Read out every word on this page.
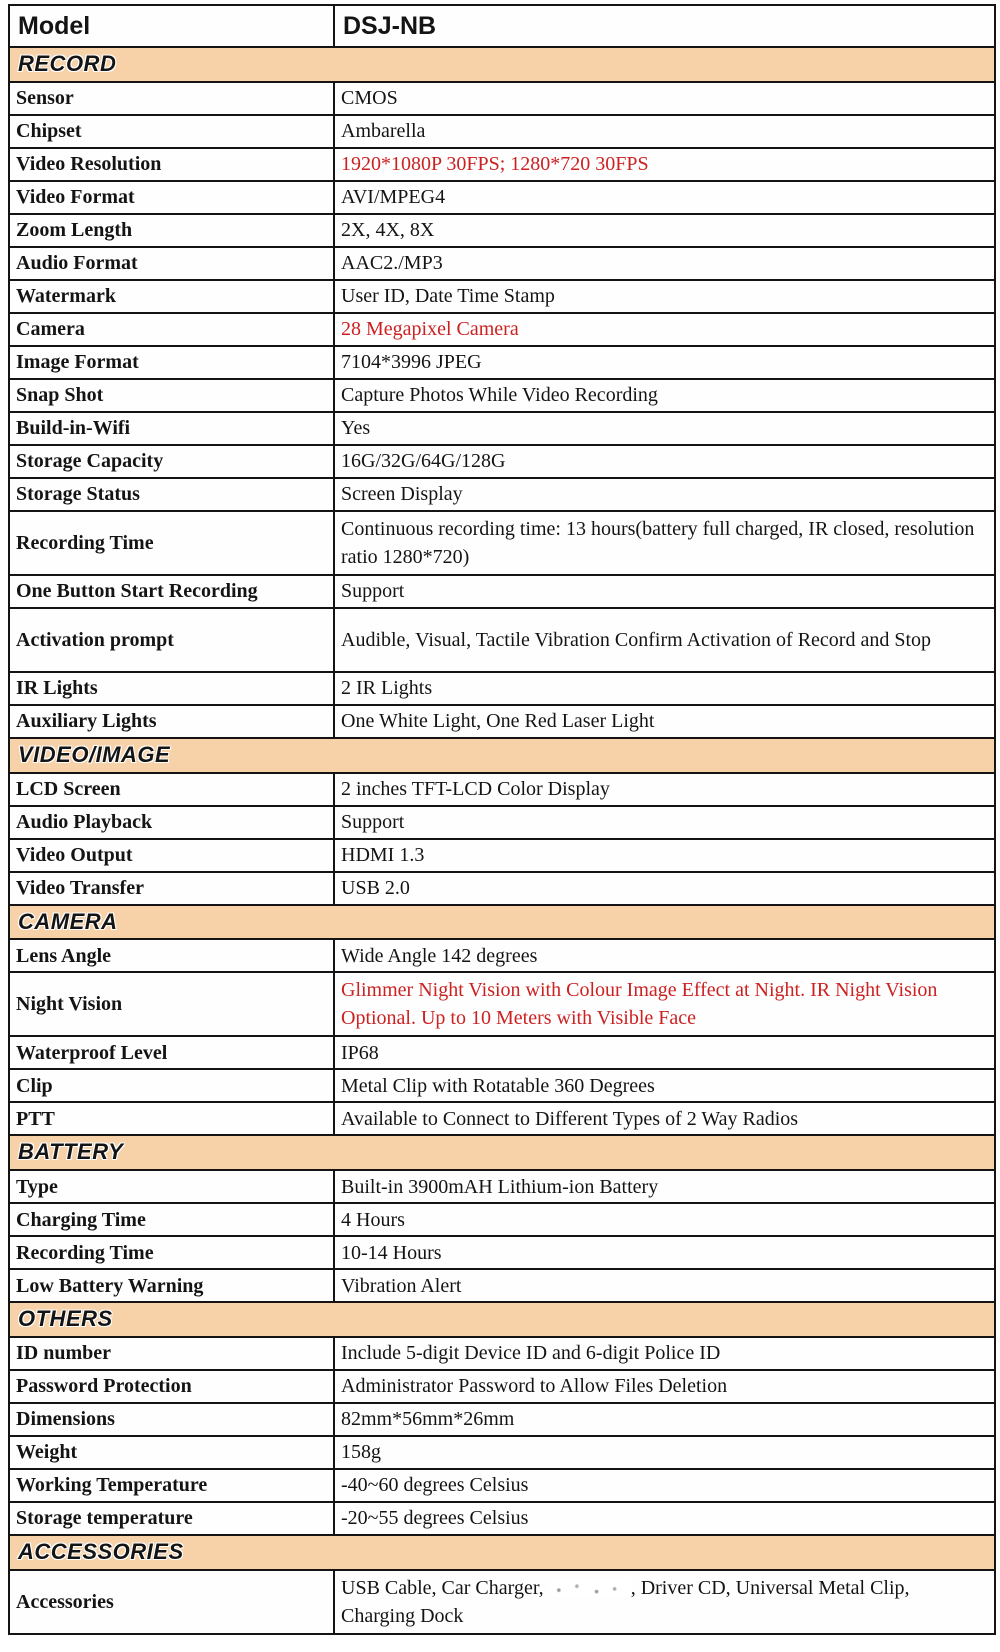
Model	DSJ-NB
RECORD	
Sensor	CMOS
Chipset	Ambarella
Video Resolution	1920*1080P 30FPS; 1280*720 30FPS
Video Format	AVI/MPEG4
Zoom Length	2X, 4X, 8X
Audio Format	AAC2./MP3
Watermark	User ID, Date Time Stamp
Camera	28 Megapixel Camera
Image Format	7104*3996 JPEG
Snap Shot	Capture Photos While Video Recording
Build-in-Wifi	Yes
Storage Capacity	16G/32G/64G/128G
Storage Status	Screen Display
Recording Time	Continuous recording time: 13 hours(battery full charged, IR closed, resolution ratio 1280*720)
One Button Start Recording	Support
Activation prompt	Audible, Visual, Tactile Vibration Confirm Activation of Record and Stop
IR Lights	2 IR Lights
Auxiliary Lights	One White Light, One Red Laser Light
VIDEO/IMAGE	
LCD Screen	2 inches TFT-LCD Color Display
Audio Playback	Support
Video Output	HDMI 1.3
Video Transfer	USB 2.0
CAMERA	
Lens Angle	Wide Angle 142 degrees
Night Vision	Glimmer Night Vision with Colour Image Effect at Night. IR Night Vision Optional. Up to 10 Meters with Visible Face
Waterproof Level	IP68
Clip	Metal Clip with Rotatable 360 Degrees
PTT	Available to Connect to Different Types of 2 Way Radios
BATTERY	
Type	Built-in 3900mAH Lithium-ion Battery
Charging Time	4 Hours
Recording Time	10-14 Hours
Low Battery Warning	Vibration Alert
OTHERS	
ID number	Include 5-digit Device ID and 6-digit Police ID
Password Protection	Administrator Password to Allow Files Deletion
Dimensions	82mm*56mm*26mm
Weight	158g
Working Temperature	-40~60 degrees Celsius
Storage temperature	-20~55 degrees Celsius
ACCESSORIES	
Accessories	USB Cable, Car Charger, , Driver CD, Universal Metal Clip, Charging Dock
